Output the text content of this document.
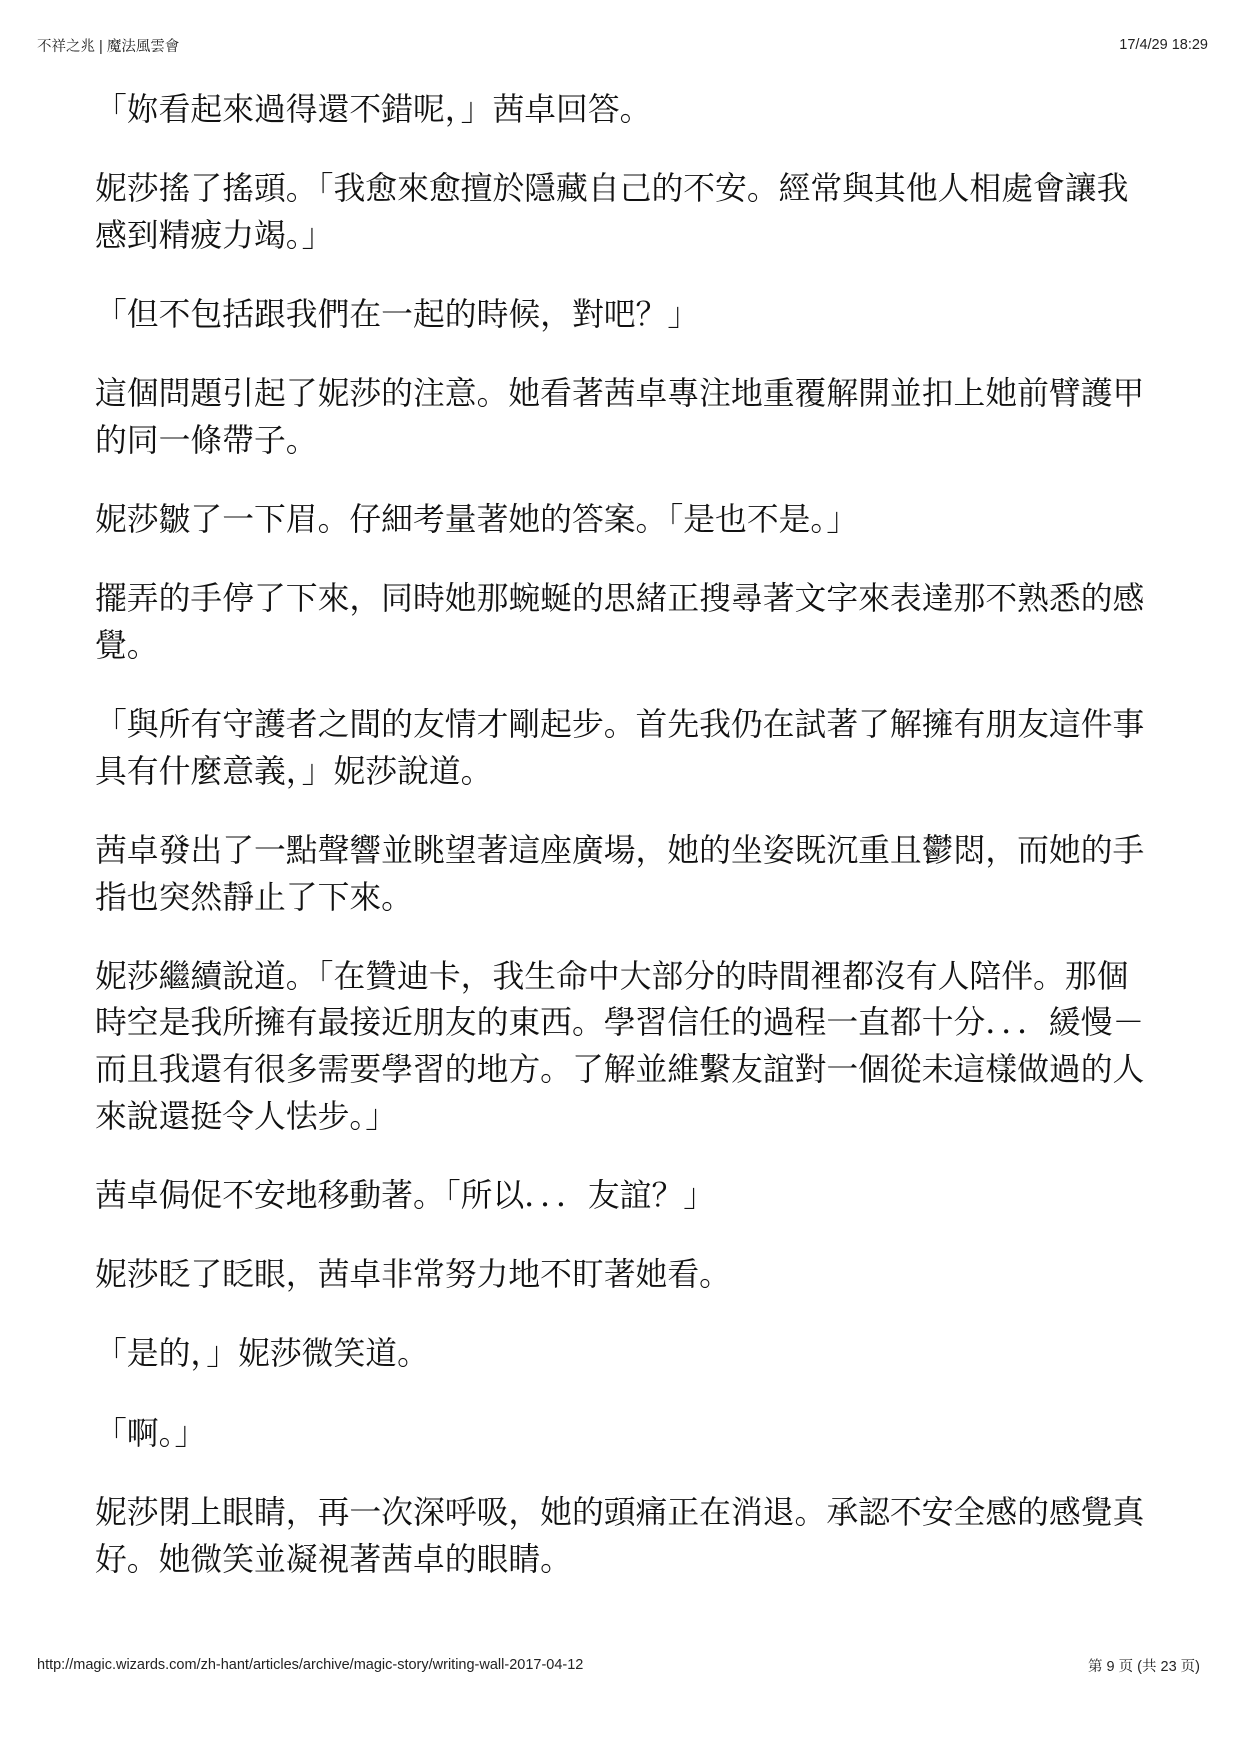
不祥之兆 | 魔法風雲會	17/4/29 18:29

「妳看起來過得還不錯呢，」茜卓回答。

妮莎搖了搖頭。「我愈來愈擅於隱藏自己的不安。經常與其他人相處會讓我感到精疲力竭。」

「但不包括跟我們在一起的時候，對吧？」

這個問題引起了妮莎的注意。她看著茜卓專注地重覆解開並扣上她前臂護甲的同一條帶子。

妮莎皺了一下眉。仔細考量著她的答案。「是也不是。」

擺弄的手停了下來，同時她那蜿蜒的思緒正搜尋著文字來表達那不熟悉的感覺。

「與所有守護者之間的友情才剛起步。首先我仍在試著了解擁有朋友這件事具有什麼意義，」妮莎說道。

茜卓發出了一點聲響並眺望著這座廣場，她的坐姿既沉重且鬱悶，而她的手指也突然靜止了下來。

妮莎繼續說道。「在贊迪卡，我生命中大部分的時間裡都沒有人陪伴。那個時空是我所擁有最接近朋友的東西。學習信任的過程一直都十分．．．緩慢－而且我還有很多需要學習的地方。了解並維繫友誼對一個從未這樣做過的人來說還挺令人怯步。」

茜卓侷促不安地移動著。「所以．．．友誼？」

妮莎眨了眨眼，茜卓非常努力地不盯著她看。

「是的，」妮莎微笑道。

「啊。」

妮莎閉上眼睛，再一次深呼吸，她的頭痛正在消退。承認不安全感的感覺真好。她微笑並凝視著茜卓的眼睛。

http://magic.wizards.com/zh-hant/articles/archive/magic-story/writing-wall-2017-04-12	第 9 页 (共 23 页)
